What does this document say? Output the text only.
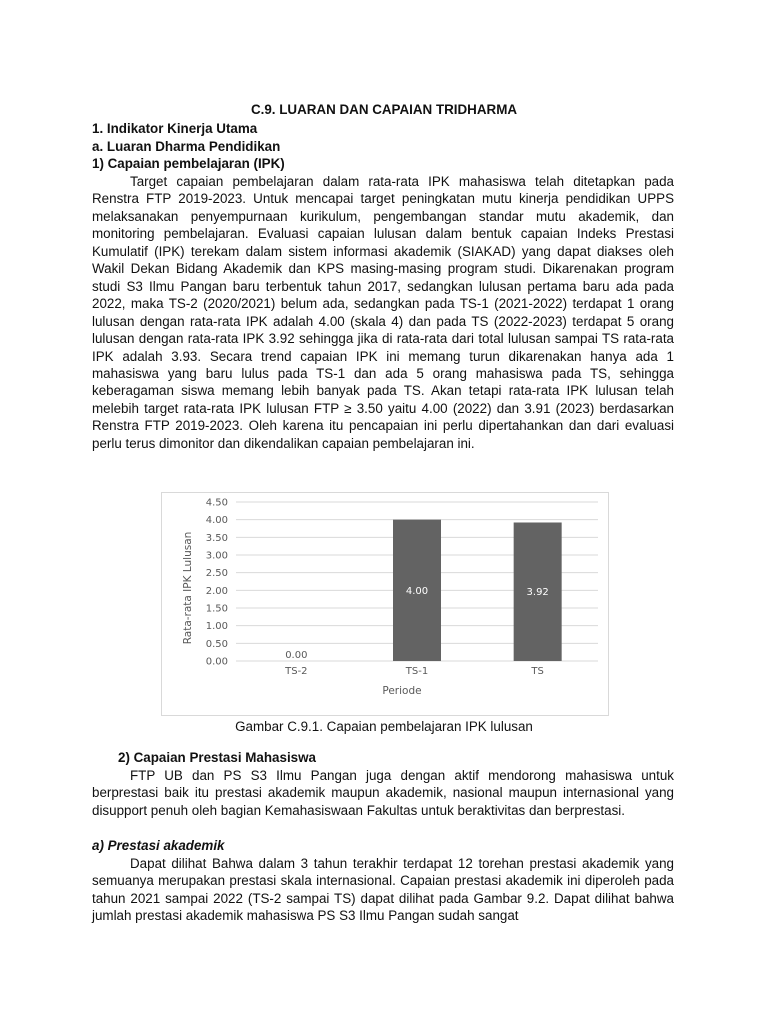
C.9. LUARAN DAN CAPAIAN TRIDHARMA
1. Indikator Kinerja Utama
a. Luaran Dharma Pendidikan
1) Capaian pembelajaran (IPK)

Target capaian pembelajaran dalam rata-rata IPK mahasiswa telah ditetapkan pada Renstra FTP 2019-2023. Untuk mencapai target peningkatan mutu kinerja pendidikan UPPS melaksanakan penyempurnaan kurikulum, pengembangan standar mutu akademik, dan monitoring pembelajaran. Evaluasi capaian lulusan dalam bentuk capaian Indeks Prestasi Kumulatif (IPK) terekam dalam sistem informasi akademik (SIAKAD) yang dapat diakses oleh Wakil Dekan Bidang Akademik dan KPS masing-masing program studi. Dikarenakan program studi S3 Ilmu Pangan baru terbentuk tahun 2017, sedangkan lulusan pertama baru ada pada 2022, maka TS-2 (2020/2021) belum ada, sedangkan pada TS-1 (2021-2022) terdapat 1 orang lulusan dengan rata-rata IPK adalah 4.00 (skala 4) dan pada TS (2022-2023) terdapat 5 orang lulusan dengan rata-rata IPK 3.92 sehingga jika di rata-rata dari total lulusan sampai TS rata-rata IPK adalah 3.93. Secara trend capaian IPK ini memang turun dikarenakan hanya ada 1 mahasiswa yang baru lulus pada TS-1 dan ada 5 orang mahasiswa pada TS, sehingga keberagaman siswa memang lebih banyak pada TS. Akan tetapi rata-rata IPK lulusan telah melebih target rata-rata IPK lulusan FTP ≥ 3.50 yaitu 4.00 (2022) dan 3.91 (2023) berdasarkan Renstra FTP 2019-2023. Oleh karena itu pencapaian ini perlu dipertahankan dan dari evaluasi perlu terus dimonitor dan dikendalikan capaian pembelajaran ini.

0.00
0.50
1.00
1.50
2.00
2.50
3.00
3.50
4.00
4.50
0.00
4.00	3.92
TS-2	TS-1	TS
Periode
Rata-rata IPK Lulusan
Gambar C.9.1. Capaian pembelajaran IPK lulusan
2) Capaian Prestasi Mahasiswa

FTP UB dan PS S3 Ilmu Pangan juga dengan aktif mendorong mahasiswa untuk berprestasi baik itu prestasi akademik maupun akademik, nasional maupun internasional yang disupport penuh oleh bagian Kemahasiswaan Fakultas untuk beraktivitas dan berprestasi.

a) Prestasi akademik

Dapat dilihat Bahwa dalam 3 tahun terakhir terdapat 12 torehan prestasi akademik yang semuanya merupakan prestasi skala internasional. Capaian prestasi akademik ini diperoleh pada tahun 2021 sampai 2022 (TS-2 sampai TS) dapat dilihat pada Gambar 9.2. Dapat dilihat bahwa jumlah prestasi akademik mahasiswa PS S3 Ilmu Pangan sudah sangat
